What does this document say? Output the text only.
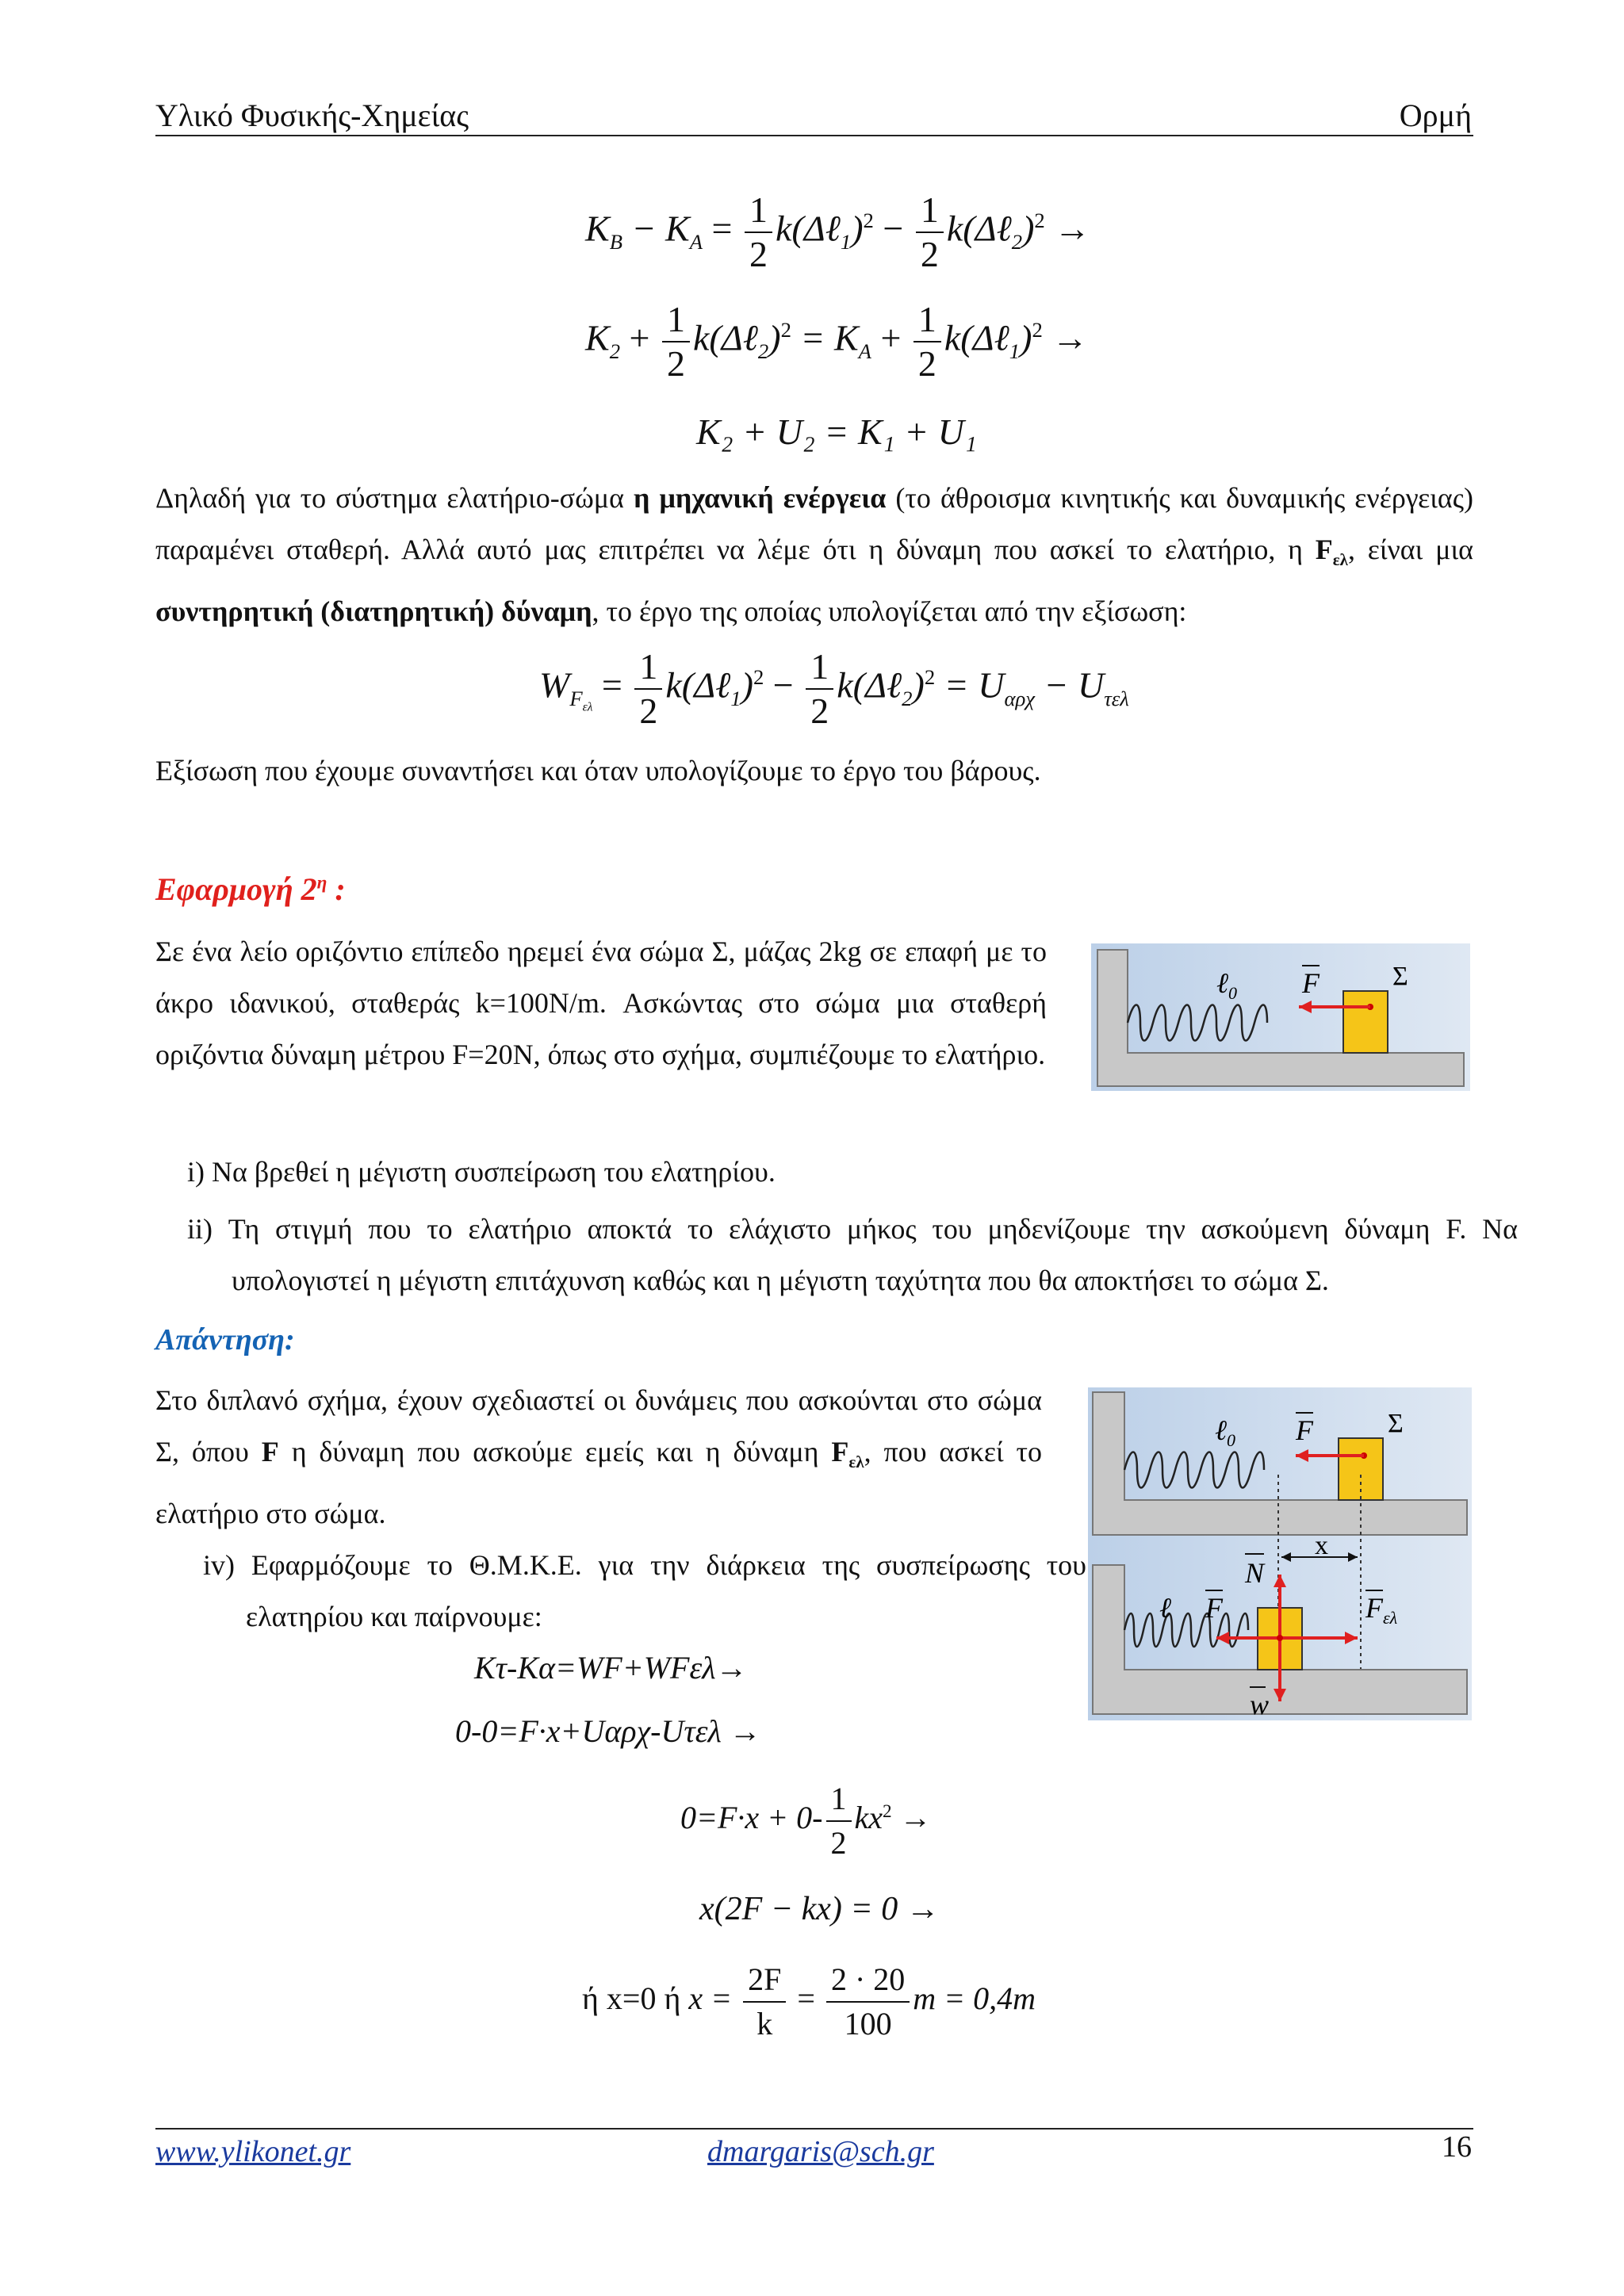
Υλικό Φυσικής-Χημείας	Ορμή
$K_B - K_A = \frac{1}{2}$ k(Δℓ$_1$)$^2$ − $\frac{1}{2}$ k(Δℓ$_2$)$^2$ →
$K_2 + \frac{1}{2}$ k(Δℓ$_2$)$^2$ = $K_A + \frac{1}{2}$ k(Δℓ$_1$)$^2$ →
K₂ + U₂ = K₁ + U₁
Δηλαδή για το σύστημα ελατήριο-σώμα η μηχανική ενέργεια (το άθροισμα κινητικής και δυναμικής ενέργειας) παραμένει σταθερή. Αλλά αυτό μας επιτρέπει να λέμε ότι η δύναμη που ασκεί το ελατήριο, η $F_{\varepsilon\lambda}$, είναι μια συντηρητική (διατηρητική) δύναμη, το έργο της οποίας υπολογίζεται από την εξίσωση:
$W_{F_{\varepsilon\lambda}} = \frac{1}{2}$ k(Δℓ$_1$)$^2$ − $\frac{1}{2}$ k(Δℓ$_2$)$^2$ = $U_{\alpha\rho\chi} - U_{\tau\varepsilon\lambda}$
Εξίσωση που έχουμε συναντήσει και όταν υπολογίζουμε το έργο του βάρους.
Εφαρμογή $2^\eta$ :
Σε ένα λείο οριζόντιο επίπεδο ηρεμεί ένα σώμα Σ, μάζας 2kg σε επαφή με το άκρο ιδανικού, σταθεράς k=100N/m. Ασκώντας στο σώμα μια σταθερή οριζόντια δύναμη μέτρου F=20N, όπως στο σχήμα, συμπιέζουμε το ελατήριο.
i) Να βρεθεί η μέγιστη συσπείρωση του ελατηρίου.
ii) Τη στιγμή που το ελατήριο αποκτά το ελάχιστο μήκος του μηδενίζουμε την ασκούμενη δύναμη F. Να υπολογιστεί η μέγιστη επιτάχυνση καθώς και η μέγιστη ταχύτητα που θα αποκτήσει το σώμα Σ.
ℓ$_0$ F	Σ
Απάντηση:
Στο διπλανό σχήμα, έχουν σχεδιαστεί οι δυνάμεις που ασκούνται στο σώμα Σ, όπου F η δύναμη που ασκούμε εμείς και η δύναμη $F_{\varepsilon\lambda}$, που ασκεί το ελατήριο στο σώμα.
iv) Εφαρμόζουμε το Θ.Μ.Κ.Ε. για την διάρκεια της συσπείρωσης του ελατηρίου και παίρνουμε:
ℓ$_0$ F	Σ
x
N
ℓ F	$F_{\varepsilon\lambda}$
w
Kτ-Kα=WF+WFελ→
0-0=F·x+Uαρχ-Uτελ →
$0=F\cdot x + 0- \frac{1}{2} kx^2$ →
x(2F − kx) = 0 →
ή x=0 ή $x = \frac{2F}{k} = \frac{2 \cdot 20}{100}$ m = 0,4m
www.ylikonet.gr	dmargaris@sch.gr	16
